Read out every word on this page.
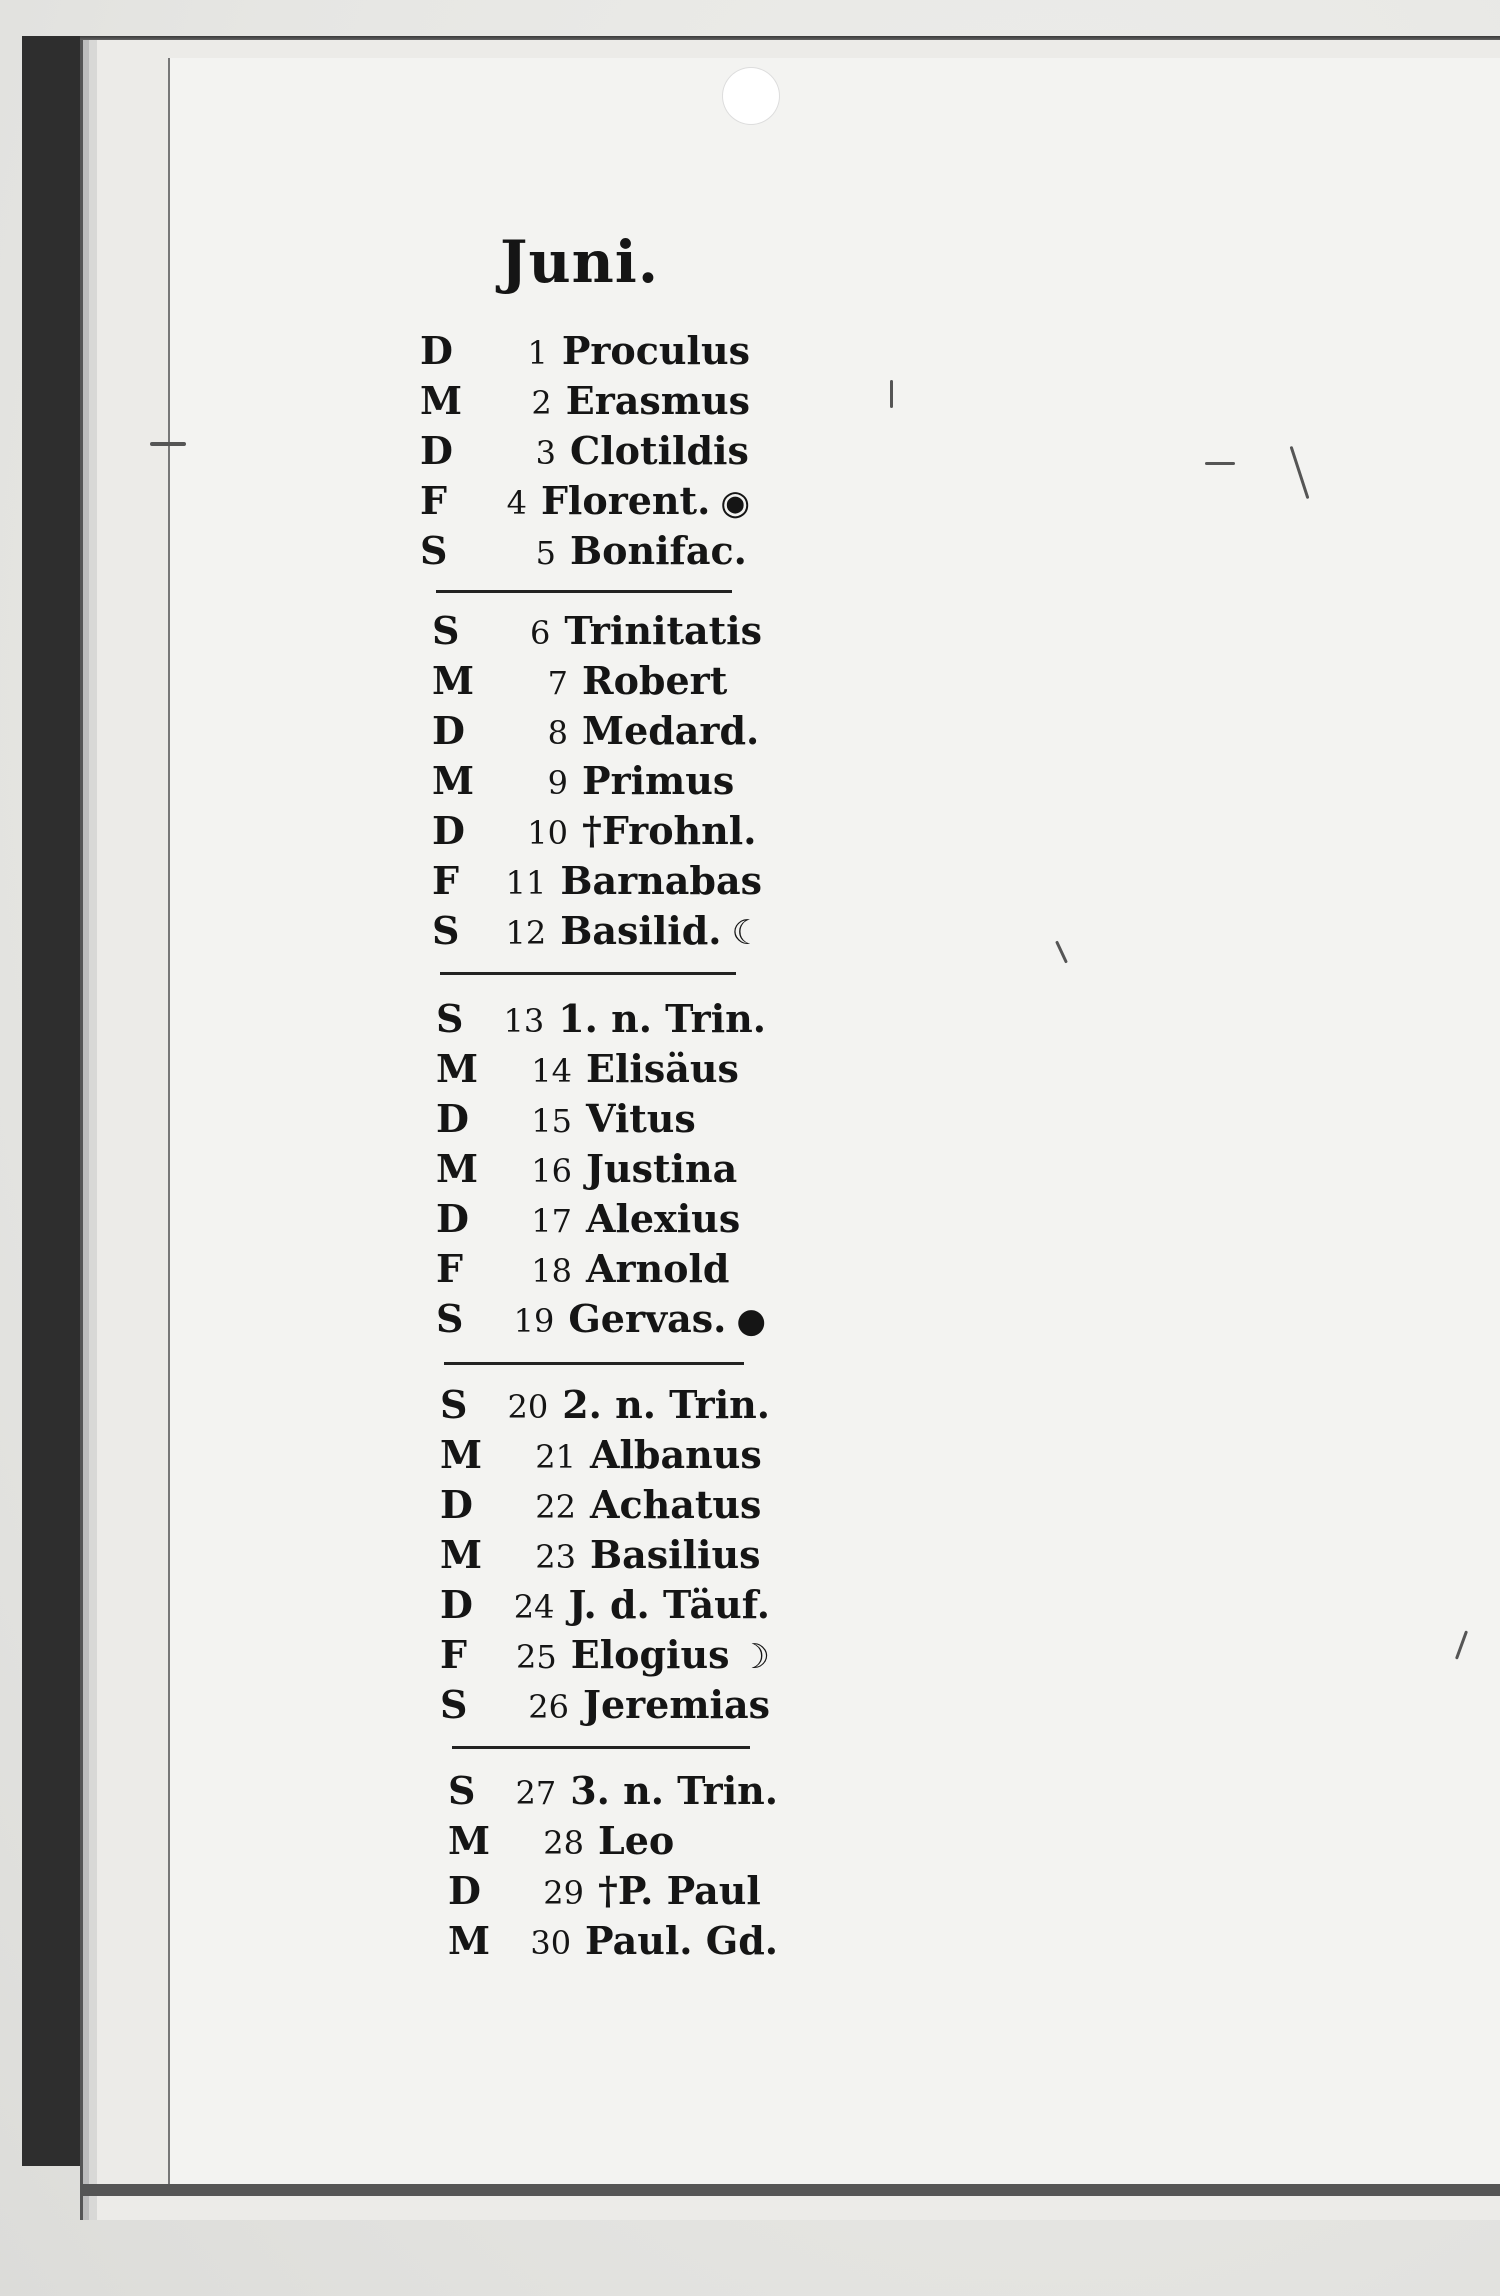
Juni.
D	1 Proculus
M	2 Erasmus
D	3 Clotildis
F	4 Florent. ◉
S	5 Bonifac.
S	6 Trinitatis
M	7 Robert
D	8 Medard.
M	9 Primus
D	10 †Frohnl.
F	11 Barnabas
S	12 Basilid. ☾
S	13 1. n. Trin.
M	14 Elisäus
D	15 Vitus
M	16 Justina
D	17 Alexius
F	18 Arnold
S	19 Gervas. ●
S	20 2. n. Trin.
M	21 Albanus
D	22 Achatus
M	23 Basilius
D	24 J. d. Täuf.
F	25 Elogius ☽
S	26 Jeremias
S	27 3. n. Trin.
M	28 Leo
D	29 †P. Paul
M	30 Paul. Gd.
